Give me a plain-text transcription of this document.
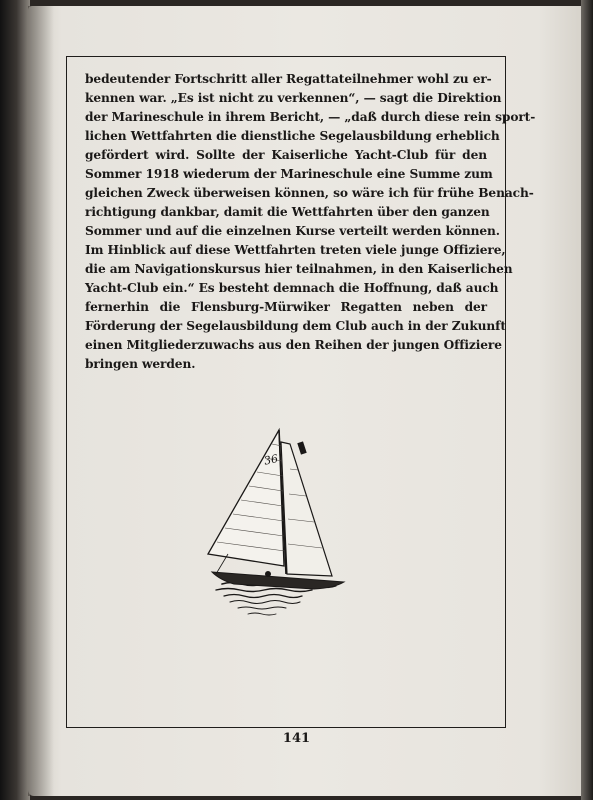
bedeutender Fortschritt aller Regattateilnehmer wohl zu er-
kennen war. „Es ist nicht zu verkennen“, — sagt die Direktion
der Marineschule in ihrem Bericht, — „daß durch diese rein sport-
lichen Wettfahrten die dienstliche Segelausbildung erheblich
gefördert wird. Sollte der Kaiserliche Yacht-Club für den
Sommer 1918 wiederum der Marineschule eine Summe zum
gleichen Zweck überweisen können, so wäre ich für frühe Benach-
richtigung dankbar, damit die Wettfahrten über den ganzen
Sommer und auf die einzelnen Kurse verteilt werden können.
Im Hinblick auf diese Wettfahrten treten viele junge Offiziere,
die am Navigationskursus hier teilnahmen, in den Kaiserlichen
Yacht-Club ein.“ Es besteht demnach die Hoffnung, daß auch
fernerhin die Flensburg-Mürwiker Regatten neben der
Förderung der Segelausbildung dem Club auch in der Zukunft
einen Mitgliederzuwachs aus den Reihen der jungen Offiziere
bringen werden.
36
141
